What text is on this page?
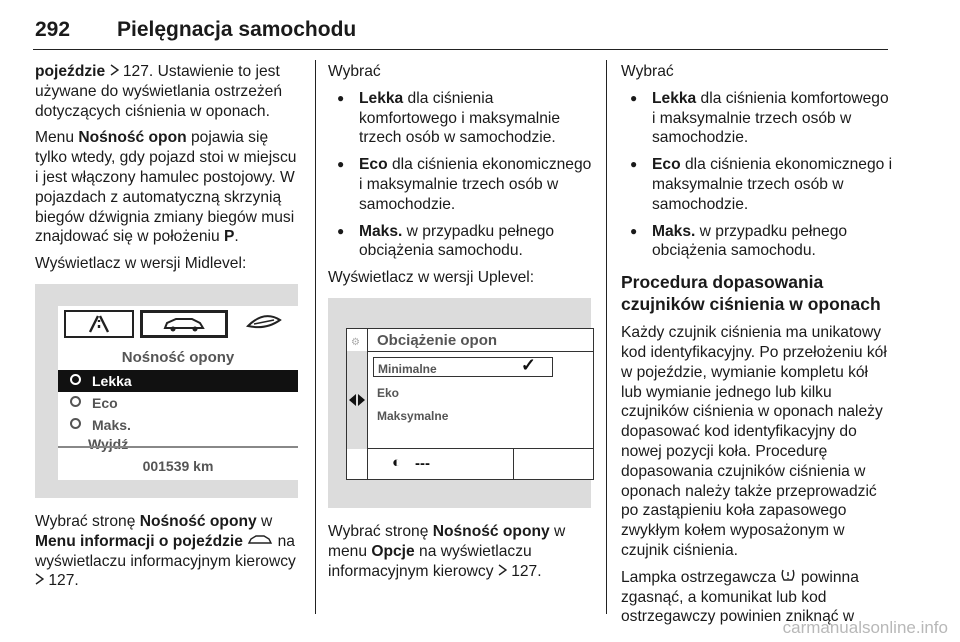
292 Pielęgnacja samochodu

pojeździe 127. Ustawienie to jest używane do wyświetlania ostrzeżeń dotyczących ciśnienia w oponach.

Menu Nośność opon pojawia się tylko wtedy, gdy pojazd stoi w miejscu i jest włączony hamulec postojowy. W pojazdach z automatyczną skrzynią biegów dźwignia zmiany biegów musi znajdować się w położeniu P.

Wyświetlacz w wersji Midlevel:

Nośność opony
Lekka
Eco
Maks.
Wyjdź
001539 km

Wybrać stronę Nośność opony w Menu informacji o pojeździe  na wyświetlaczu informacyjnym kierowcy  127.

Wybrać

● Lekka dla ciśnienia komfortowego i maksymalnie trzech osób w samochodzie.
● Eco dla ciśnienia ekonomicznego i maksymalnie trzech osób w samochodzie.
● Maks. w przypadku pełnego obciążenia samochodu.

Wyświetlacz w wersji Uplevel:

⚙ Obciążenie opon
Minimalne	✓
Eko
Maksymalne
◐ ---

Wybrać stronę Nośność opony w menu Opcje na wyświetlaczu informacyjnym kierowcy  127.

Wybrać

● Lekka dla ciśnienia komfortowego i maksymalnie trzech osób w samochodzie.
● Eco dla ciśnienia ekonomicznego i maksymalnie trzech osób w samochodzie.
● Maks. w przypadku pełnego obciążenia samochodu.
Procedura dopasowania czujników ciśnienia w oponach

Każdy czujnik ciśnienia ma unikatowy kod identyfikacyjny. Po przełożeniu kół w pojeździe, wymianie kompletu kół lub wymianie jednego lub kilku czujników ciśnienia w oponach należy dopasować kod identyfikacyjny do nowej pozycji koła. Procedurę dopasowania czujników ciśnienia w oponach należy także przeprowadzić po zastąpieniu koła zapasowego zwykłym kołem wyposażonym w czujnik ciśnienia.

Lampka ostrzegawcza  powinna zgasnąć, a komunikat lub kod ostrzegawczy powinien zniknąć w

carmanualsonline.info
